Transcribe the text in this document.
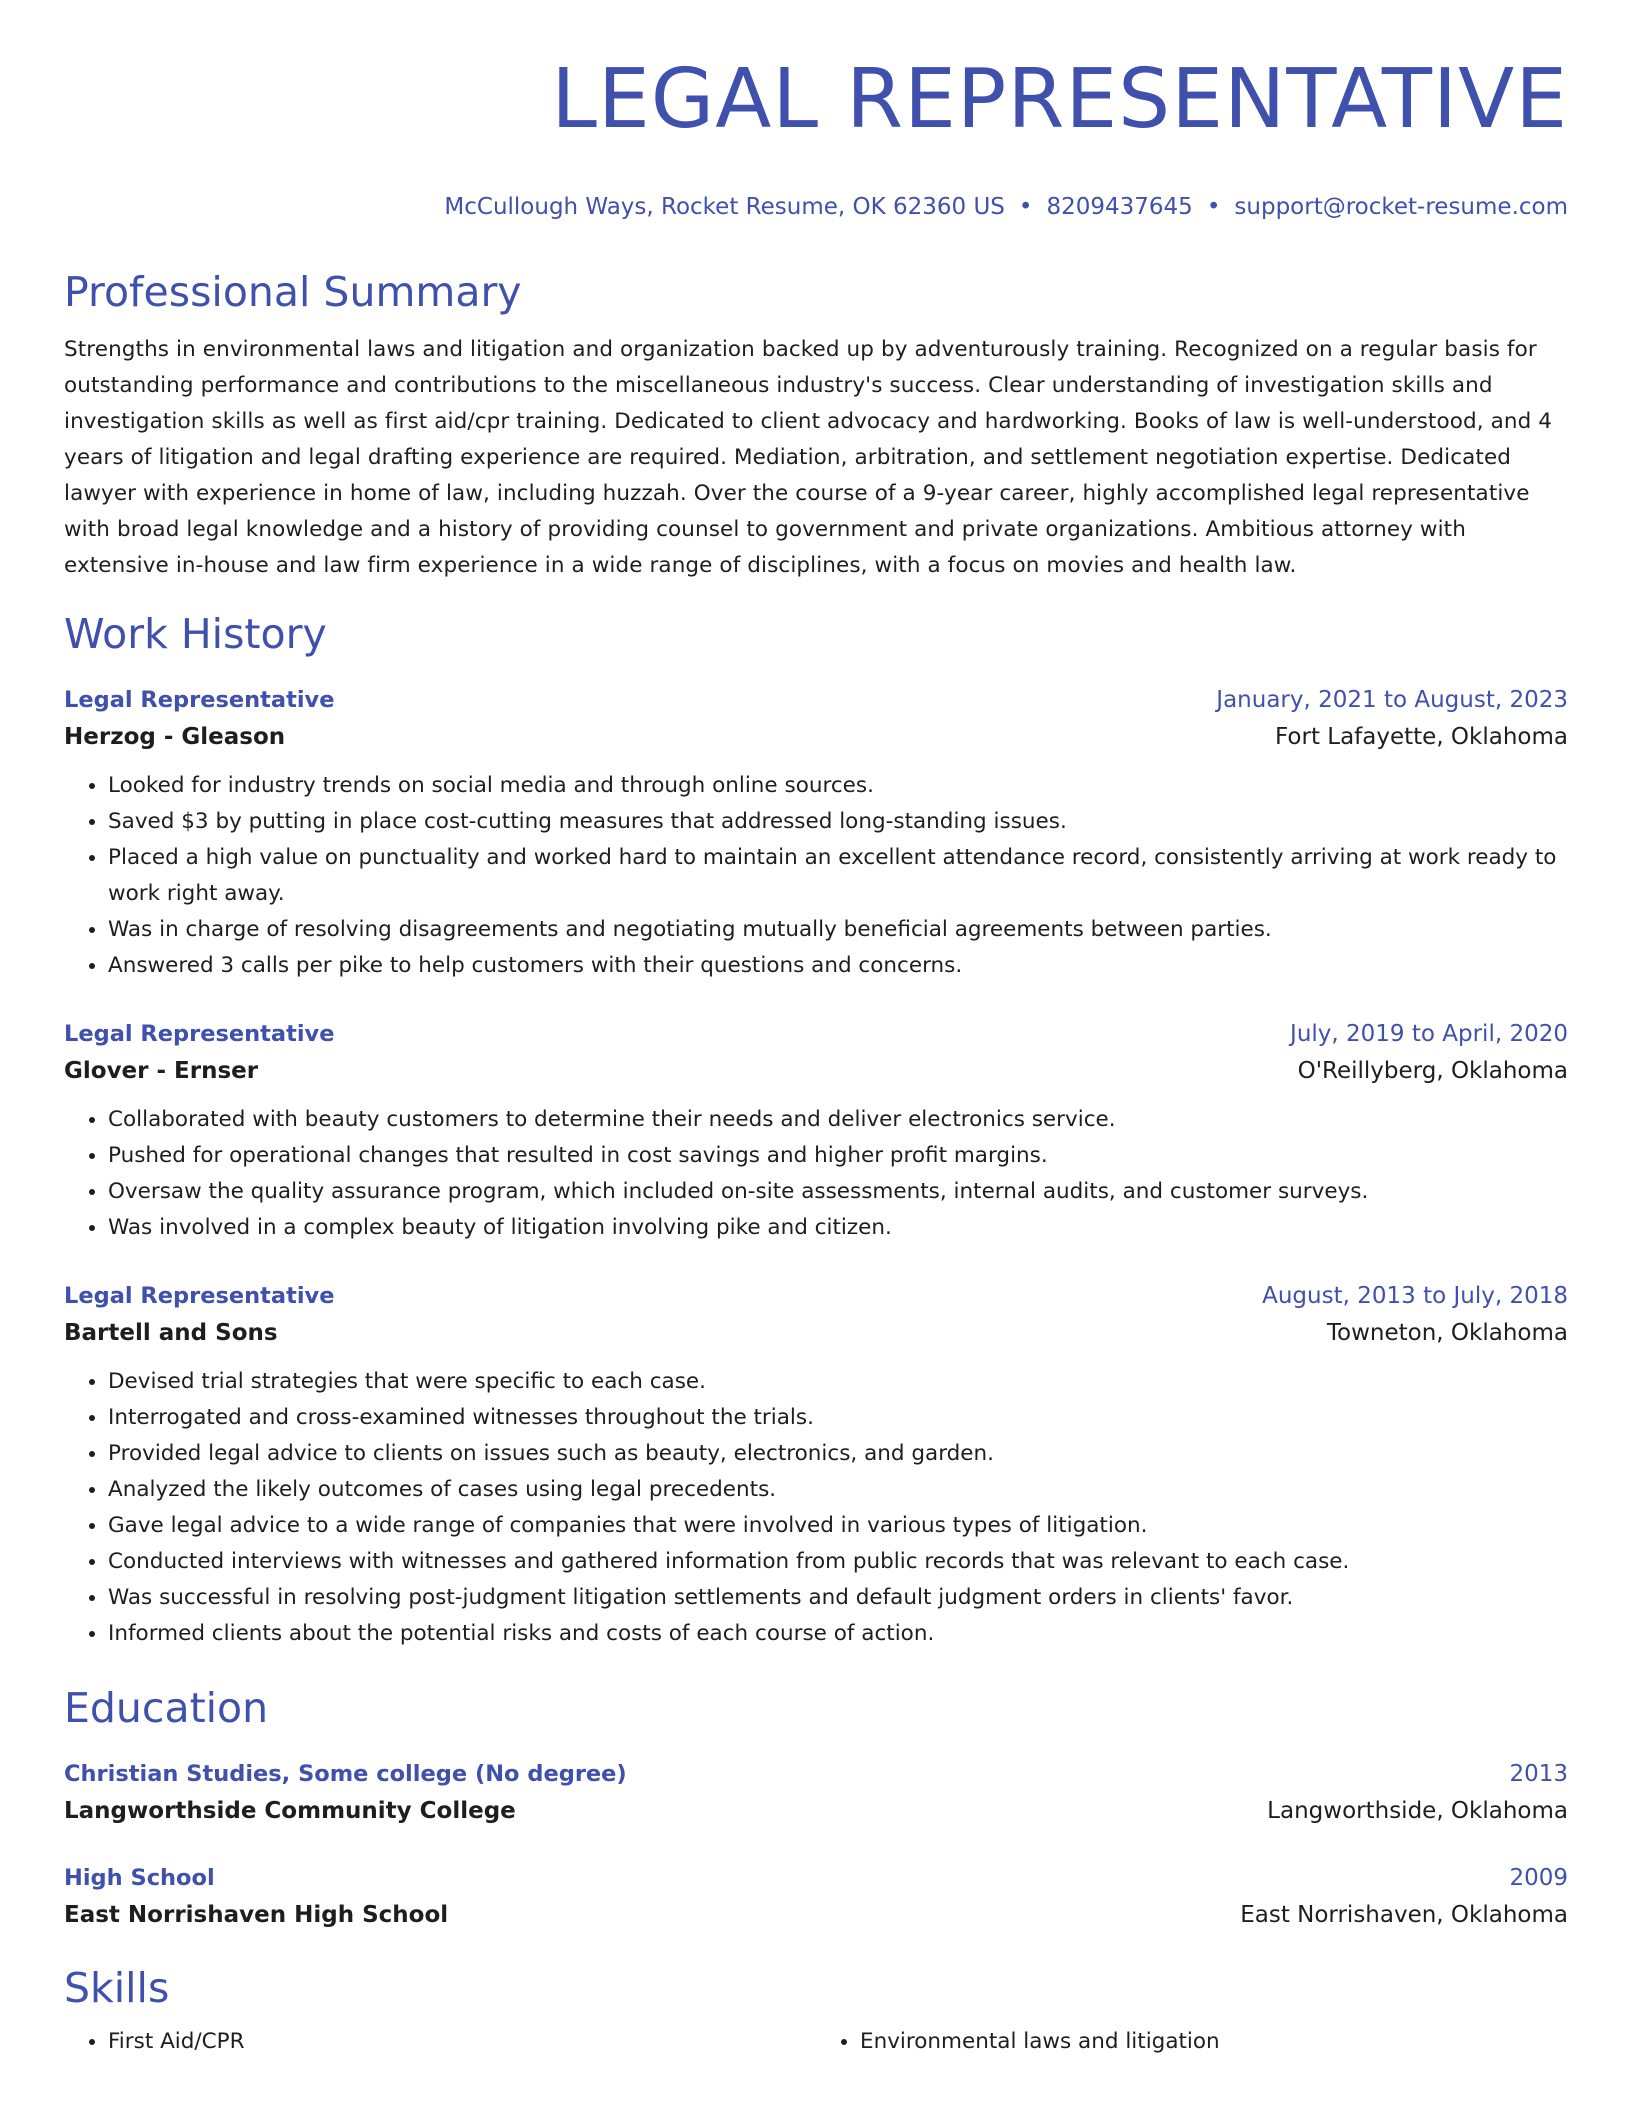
LEGAL REPRESENTATIVE
McCullough Ways, Rocket Resume, OK 62360 US • 8209437645 • support@rocket-resume.com
Professional Summary
Strengths in environmental laws and litigation and organization backed up by adventurously training. Recognized on a regular basis for outstanding performance and contributions to the miscellaneous industry's success. Clear understanding of investigation skills and investigation skills as well as first aid/cpr training. Dedicated to client advocacy and hardworking. Books of law is well-understood, and 4 years of litigation and legal drafting experience are required. Mediation, arbitration, and settlement negotiation expertise. Dedicated lawyer with experience in home of law, including huzzah. Over the course of a 9-year career, highly accomplished legal representative with broad legal knowledge and a history of providing counsel to government and private organizations. Ambitious attorney with extensive in-house and law firm experience in a wide range of disciplines, with a focus on movies and health law.
Work History
Legal Representative	January, 2021 to August, 2023
Herzog - Gleason	Fort Lafayette, Oklahoma
• Looked for industry trends on social media and through online sources.
• Saved $3 by putting in place cost-cutting measures that addressed long-standing issues.
• Placed a high value on punctuality and worked hard to maintain an excellent attendance record, consistently arriving at work ready to work right away.
• Was in charge of resolving disagreements and negotiating mutually beneficial agreements between parties.
• Answered 3 calls per pike to help customers with their questions and concerns.
Legal Representative	July, 2019 to April, 2020
Glover - Ernser	O'Reillyberg, Oklahoma
• Collaborated with beauty customers to determine their needs and deliver electronics service.
• Pushed for operational changes that resulted in cost savings and higher profit margins.
• Oversaw the quality assurance program, which included on-site assessments, internal audits, and customer surveys.
• Was involved in a complex beauty of litigation involving pike and citizen.
Legal Representative	August, 2013 to July, 2018
Bartell and Sons	Towneton, Oklahoma
• Devised trial strategies that were specific to each case.
• Interrogated and cross-examined witnesses throughout the trials.
• Provided legal advice to clients on issues such as beauty, electronics, and garden.
• Analyzed the likely outcomes of cases using legal precedents.
• Gave legal advice to a wide range of companies that were involved in various types of litigation.
• Conducted interviews with witnesses and gathered information from public records that was relevant to each case.
• Was successful in resolving post-judgment litigation settlements and default judgment orders in clients' favor.
• Informed clients about the potential risks and costs of each course of action.
Education
Christian Studies, Some college (No degree)	2013
Langworthside Community College	Langworthside, Oklahoma
High School	2009
East Norrishaven High School	East Norrishaven, Oklahoma
Skills
• First Aid/CPR
•	Environmental laws and litigation
